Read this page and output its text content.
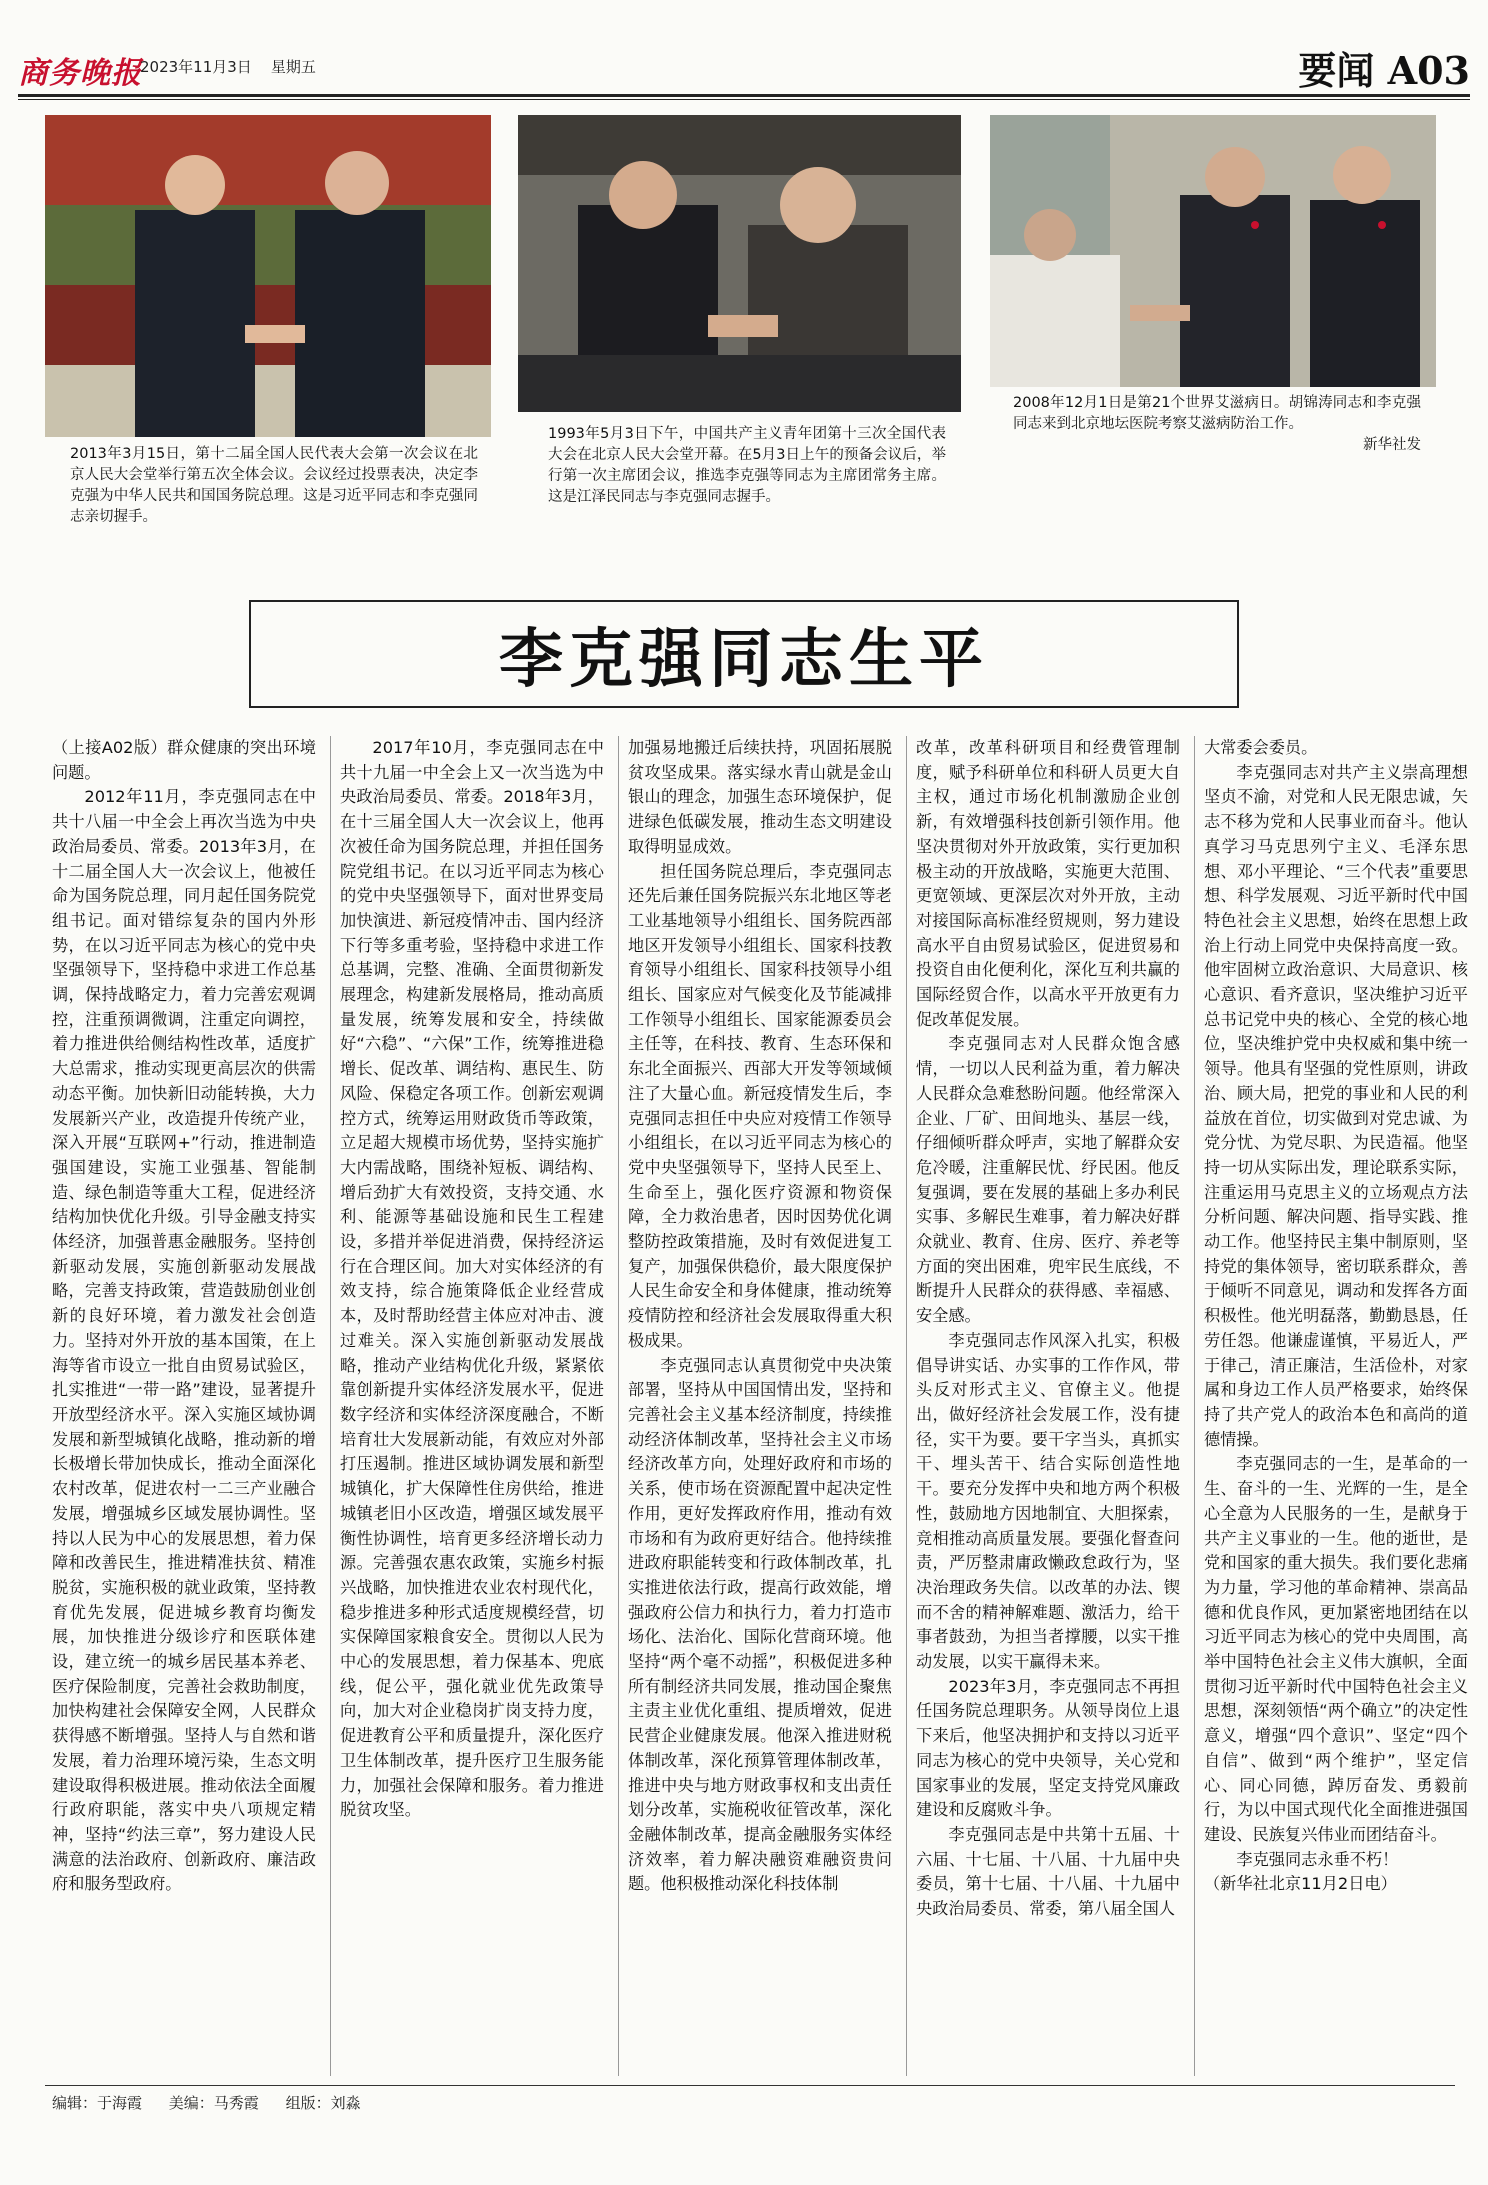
商务晚报
2023年11月3日 星期五	要闻 A03
2013年3月15日，第十二届全国人民代表大会第一次会议在北京人民大会堂举行第五次全体会议。会议经过投票表决，决定李克强为中华人民共和国国务院总理。这是习近平同志和李克强同志亲切握手。
1993年5月3日下午，中国共产主义青年团第十三次全国代表大会在北京人民大会堂开幕。在5月3日上午的预备会议后，举行第一次主席团会议，推选李克强等同志为主席团常务主席。这是江泽民同志与李克强同志握手。
2008年12月1日是第21个世界艾滋病日。胡锦涛同志和李克强同志来到北京地坛医院考察艾滋病防治工作。
新华社发
李克强同志生平

（上接A02版）群众健康的突出环境问题。

2012年11月，李克强同志在中共十八届一中全会上再次当选为中央政治局委员、常委。2013年3月，在十二届全国人大一次会议上，他被任命为国务院总理，同月起任国务院党组书记。面对错综复杂的国内外形势，在以习近平同志为核心的党中央坚强领导下，坚持稳中求进工作总基调，保持战略定力，着力完善宏观调控，注重预调微调，注重定向调控，着力推进供给侧结构性改革，适度扩大总需求，推动实现更高层次的供需动态平衡。加快新旧动能转换，大力发展新兴产业，改造提升传统产业，深入开展“互联网+”行动，推进制造强国建设，实施工业强基、智能制造、绿色制造等重大工程，促进经济结构加快优化升级。引导金融支持实体经济，加强普惠金融服务。坚持创新驱动发展，实施创新驱动发展战略，完善支持政策，营造鼓励创业创新的良好环境，着力激发社会创造力。坚持对外开放的基本国策，在上海等省市设立一批自由贸易试验区，扎实推进“一带一路”建设，显著提升开放型经济水平。深入实施区域协调发展和新型城镇化战略，推动新的增长极增长带加快成长，推动全面深化农村改革，促进农村一二三产业融合发展，增强城乡区域发展协调性。坚持以人民为中心的发展思想，着力保障和改善民生，推进精准扶贫、精准脱贫，实施积极的就业政策，坚持教育优先发展，促进城乡教育均衡发展，加快推进分级诊疗和医联体建设，建立统一的城乡居民基本养老、医疗保险制度，完善社会救助制度，加快构建社会保障安全网，人民群众获得感不断增强。坚持人与自然和谐发展，着力治理环境污染，生态文明建设取得积极进展。推动依法全面履行政府职能，落实中央八项规定精神，坚持“约法三章”，努力建设人民满意的法治政府、创新政府、廉洁政府和服务型政府。

2017年10月，李克强同志在中共十九届一中全会上又一次当选为中央政治局委员、常委。2018年3月，在十三届全国人大一次会议上，他再次被任命为国务院总理，并担任国务院党组书记。在以习近平同志为核心的党中央坚强领导下，面对世界变局加快演进、新冠疫情冲击、国内经济下行等多重考验，坚持稳中求进工作总基调，完整、准确、全面贯彻新发展理念，构建新发展格局，推动高质量发展，统筹发展和安全，持续做好“六稳”、“六保”工作，统筹推进稳增长、促改革、调结构、惠民生、防风险、保稳定各项工作。创新宏观调控方式，统筹运用财政货币等政策，立足超大规模市场优势，坚持实施扩大内需战略，围绕补短板、调结构、增后劲扩大有效投资，支持交通、水利、能源等基础设施和民生工程建设，多措并举促进消费，保持经济运行在合理区间。加大对实体经济的有效支持，综合施策降低企业经营成本，及时帮助经营主体应对冲击、渡过难关。深入实施创新驱动发展战略，推动产业结构优化升级，紧紧依靠创新提升实体经济发展水平，促进数字经济和实体经济深度融合，不断培育壮大发展新动能，有效应对外部打压遏制。推进区域协调发展和新型城镇化，扩大保障性住房供给，推进城镇老旧小区改造，增强区域发展平衡性协调性，培育更多经济增长动力源。完善强农惠农政策，实施乡村振兴战略，加快推进农业农村现代化，稳步推进多种形式适度规模经营，切实保障国家粮食安全。贯彻以人民为中心的发展思想，着力保基本、兜底线，促公平，强化就业优先政策导向，加大对企业稳岗扩岗支持力度，促进教育公平和质量提升，深化医疗卫生体制改革，提升医疗卫生服务能力，加强社会保障和服务。着力推进脱贫攻坚。

加强易地搬迁后续扶持，巩固拓展脱贫攻坚成果。落实绿水青山就是金山银山的理念，加强生态环境保护，促进绿色低碳发展，推动生态文明建设取得明显成效。

担任国务院总理后，李克强同志还先后兼任国务院振兴东北地区等老工业基地领导小组组长、国务院西部地区开发领导小组组长、国家科技教育领导小组组长、国家科技领导小组组长、国家应对气候变化及节能减排工作领导小组组长、国家能源委员会主任等，在科技、教育、生态环保和东北全面振兴、西部大开发等领域倾注了大量心血。新冠疫情发生后，李克强同志担任中央应对疫情工作领导小组组长，在以习近平同志为核心的党中央坚强领导下，坚持人民至上、生命至上，强化医疗资源和物资保障，全力救治患者，因时因势优化调整防控政策措施，及时有效促进复工复产，加强保供稳价，最大限度保护人民生命安全和身体健康，推动统筹疫情防控和经济社会发展取得重大积极成果。

李克强同志认真贯彻党中央决策部署，坚持从中国国情出发，坚持和完善社会主义基本经济制度，持续推动经济体制改革，坚持社会主义市场经济改革方向，处理好政府和市场的关系，使市场在资源配置中起决定性作用，更好发挥政府作用，推动有效市场和有为政府更好结合。他持续推进政府职能转变和行政体制改革，扎实推进依法行政，提高行政效能，增强政府公信力和执行力，着力打造市场化、法治化、国际化营商环境。他坚持“两个毫不动摇”，积极促进多种所有制经济共同发展，推动国企聚焦主责主业优化重组、提质增效，促进民营企业健康发展。他深入推进财税体制改革，深化预算管理体制改革，推进中央与地方财政事权和支出责任划分改革，实施税收征管改革，深化金融体制改革，提高金融服务实体经济效率，着力解决融资难融资贵问题。他积极推动深化科技体制

改革，改革科研项目和经费管理制度，赋予科研单位和科研人员更大自主权，通过市场化机制激励企业创新，有效增强科技创新引领作用。他坚决贯彻对外开放政策，实行更加积极主动的开放战略，实施更大范围、更宽领域、更深层次对外开放，主动对接国际高标准经贸规则，努力建设高水平自由贸易试验区，促进贸易和投资自由化便利化，深化互利共赢的国际经贸合作，以高水平开放更有力促改革促发展。

李克强同志对人民群众饱含感情，一切以人民利益为重，着力解决人民群众急难愁盼问题。他经常深入企业、厂矿、田间地头、基层一线，仔细倾听群众呼声，实地了解群众安危冷暖，注重解民忧、纾民困。他反复强调，要在发展的基础上多办利民实事、多解民生难事，着力解决好群众就业、教育、住房、医疗、养老等方面的突出困难，兜牢民生底线，不断提升人民群众的获得感、幸福感、安全感。

李克强同志作风深入扎实，积极倡导讲实话、办实事的工作作风，带头反对形式主义、官僚主义。他提出，做好经济社会发展工作，没有捷径，实干为要。要干字当头，真抓实干、埋头苦干、结合实际创造性地干。要充分发挥中央和地方两个积极性，鼓励地方因地制宜、大胆探索，竞相推动高质量发展。要强化督查问责，严厉整肃庸政懒政怠政行为，坚决治理政务失信。以改革的办法、锲而不舍的精神解难题、激活力，给干事者鼓劲，为担当者撑腰，以实干推动发展，以实干赢得未来。

2023年3月，李克强同志不再担任国务院总理职务。从领导岗位上退下来后，他坚决拥护和支持以习近平同志为核心的党中央领导，关心党和国家事业的发展，坚定支持党风廉政建设和反腐败斗争。

李克强同志是中共第十五届、十六届、十七届、十八届、十九届中央委员，第十七届、十八届、十九届中央政治局委员、常委，第八届全国人

大常委会委员。

李克强同志对共产主义崇高理想坚贞不渝，对党和人民无限忠诚，矢志不移为党和人民事业而奋斗。他认真学习马克思列宁主义、毛泽东思想、邓小平理论、“三个代表”重要思想、科学发展观、习近平新时代中国特色社会主义思想，始终在思想上政治上行动上同党中央保持高度一致。他牢固树立政治意识、大局意识、核心意识、看齐意识，坚决维护习近平总书记党中央的核心、全党的核心地位，坚决维护党中央权威和集中统一领导。他具有坚强的党性原则，讲政治、顾大局，把党的事业和人民的利益放在首位，切实做到对党忠诚、为党分忧、为党尽职、为民造福。他坚持一切从实际出发，理论联系实际，注重运用马克思主义的立场观点方法分析问题、解决问题、指导实践、推动工作。他坚持民主集中制原则，坚持党的集体领导，密切联系群众，善于倾听不同意见，调动和发挥各方面积极性。他光明磊落，勤勤恳恳，任劳任怨。他谦虚谨慎，平易近人，严于律己，清正廉洁，生活俭朴，对家属和身边工作人员严格要求，始终保持了共产党人的政治本色和高尚的道德情操。

李克强同志的一生，是革命的一生、奋斗的一生、光辉的一生，是全心全意为人民服务的一生，是献身于共产主义事业的一生。他的逝世，是党和国家的重大损失。我们要化悲痛为力量，学习他的革命精神、崇高品德和优良作风，更加紧密地团结在以习近平同志为核心的党中央周围，高举中国特色社会主义伟大旗帜，全面贯彻习近平新时代中国特色社会主义思想，深刻领悟“两个确立”的决定性意义，增强“四个意识”、坚定“四个自信”、做到“两个维护”，坚定信心、同心同德，踔厉奋发、勇毅前行，为以中国式现代化全面推进强国建设、民族复兴伟业而团结奋斗。

李克强同志永垂不朽！

（新华社北京11月2日电）

编辑：于海霞 美编：马秀霞 组版：刘淼
